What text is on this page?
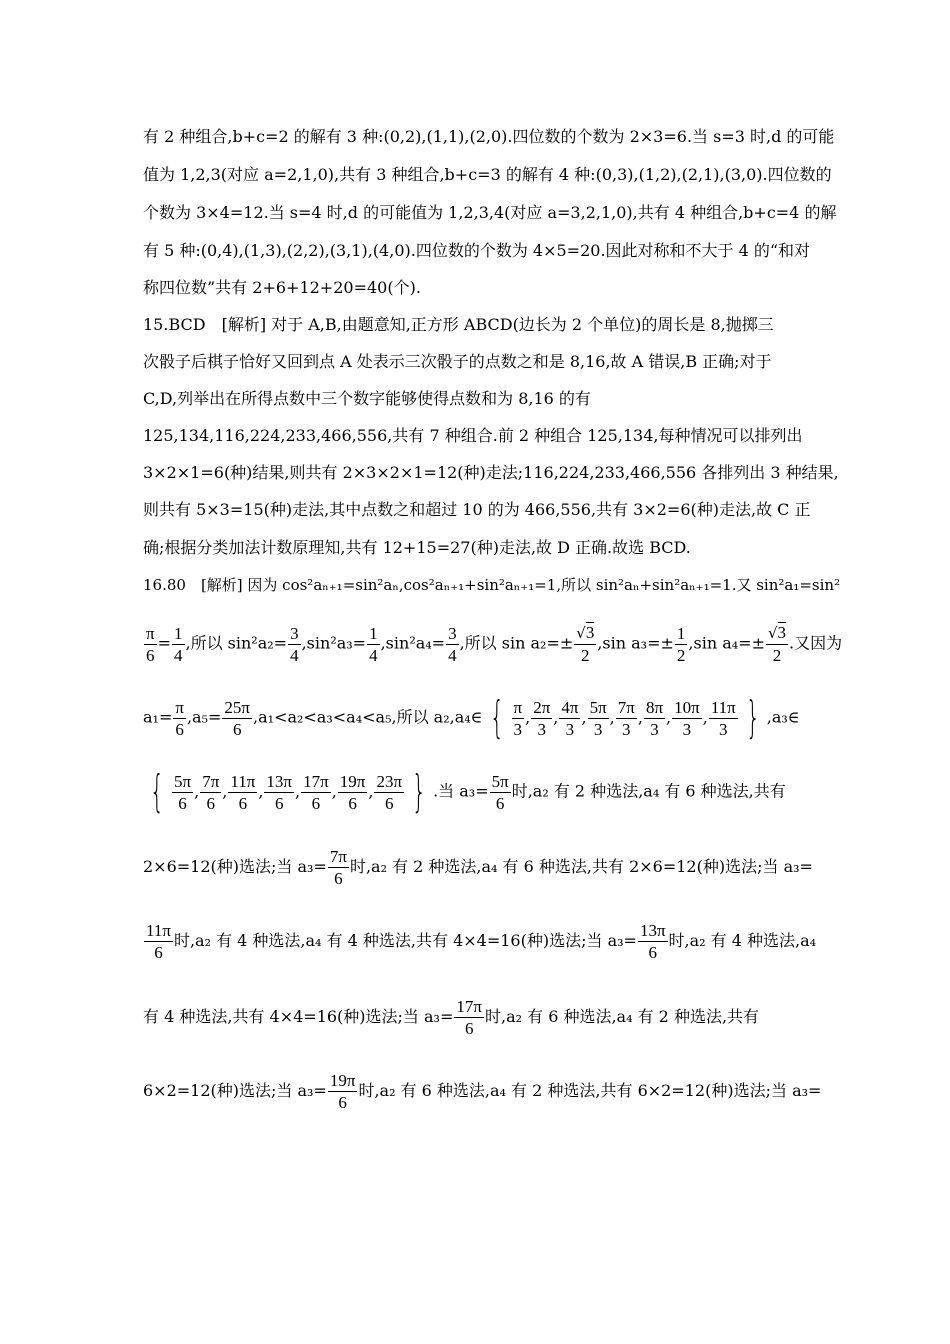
有 2 种组合,b+c=2 的解有 3 种:(0,2),(1,1),(2,0).四位数的个数为 2×3=6.当 s=3 时,d 的可能
值为 1,2,3(对应 a=2,1,0),共有 3 种组合,b+c=3 的解有 4 种:(0,3),(1,2),(2,1),(3,0).四位数的
个数为 3×4=12.当 s=4 时,d 的可能值为 1,2,3,4(对应 a=3,2,1,0),共有 4 种组合,b+c=4 的解
有 5 种:(0,4),(1,3),(2,2),(3,1),(4,0).四位数的个数为 4×5=20.因此对称和不大于 4 的“和对
称四位数”共有 2+6+12+20=40(个).
15.BCD　[解析] 对于 A,B,由题意知,正方形 ABCD(边长为 2 个单位)的周长是 8,抛掷三
次骰子后棋子恰好又回到点 A 处表示三次骰子的点数之和是 8,16,故 A 错误,B 正确;对于
C,D,列举出在所得点数中三个数字能够使得点数和为 8,16 的有
125,134,116,224,233,466,556,共有 7 种组合.前 2 种组合 125,134,每种情况可以排列出
3×2×1=6(种)结果,则共有 2×3×2×1=12(种)走法;116,224,233,466,556 各排列出 3 种结果,
则共有 5×3=15(种)走法,其中点数之和超过 10 的为 466,556,共有 3×2=6(种)走法,故 C 正
确;根据分类加法计数原理知,共有 12+15=27(种)走法,故 D 正确.故选 BCD.
16.80　[解析] 因为 cos²aₙ₊₁=sin²aₙ,cos²aₙ₊₁+sin²aₙ₊₁=1,所以 sin²aₙ+sin²aₙ₊₁=1.又 sin²a₁=sin²
$\frac{\pi}{6} = \frac{1}{4}$ ,所以 $\sin^2a_2= \frac{3}{4} ,\sin^2a_3= \frac{1}{4} ,\sin^2a_4= \frac{3}{4}$ ,所以 $\sin a_2=\pm \frac{√3}{2} ,\sin$ $a_3=\pm \frac{1}{2} ,\sin$ $a_4=\pm \frac{√3}{2}$ .又因为
$a_1= \frac{\pi}{6} ,a_5= \frac{25\pi}{6} ,a_1<a_2<a_3<a_4<a_5$,所以 a₂,a₄∈ { $\frac{\pi}{3}$ , $\frac{2\pi}{3}$ , $\frac{4\pi}{3}$ , $\frac{5\pi}{3}$ , $\frac{7\pi}{3}$ , $\frac{8\pi}{3}$ , $\frac{10\pi}{3}$ , $\frac{11\pi}{3}$ } ,a₃∈
{ $\frac{5\pi}{6}$ , $\frac{7\pi}{6}$ , $\frac{11\pi}{6}$ , $\frac{13\pi}{6}$ , $\frac{17\pi}{6}$ , $\frac{19\pi}{6}$ , $\frac{23\pi}{6}$ } .当 $a_3= \frac{5\pi}{6}$ 时,a₂ 有 2 种选法,a₄ 有 6 种选法,共有
2×6=12(种)选法;当 $a_3= \frac{7\pi}{6}$ 时,a₂ 有 2 种选法,a₄ 有 6 种选法,共有 2×6=12(种)选法;当 a₃=
$\frac{11\pi}{6}$ 时,a₂ 有 4 种选法,a₄ 有 4 种选法,共有 4×4=16(种)选法;当 $a_3= \frac{13\pi}{6}$ 时,a₂ 有 4 种选法,a₄
有 4 种选法,共有 4×4=16(种)选法;当 $a_3= \frac{17\pi}{6}$ 时,a₂ 有 6 种选法,a₄ 有 2 种选法,共有
6×2=12(种)选法;当 $a_3= \frac{19\pi}{6}$ 时,a₂ 有 6 种选法,a₄ 有 2 种选法,共有 6×2=12(种)选法;当 a₃=
